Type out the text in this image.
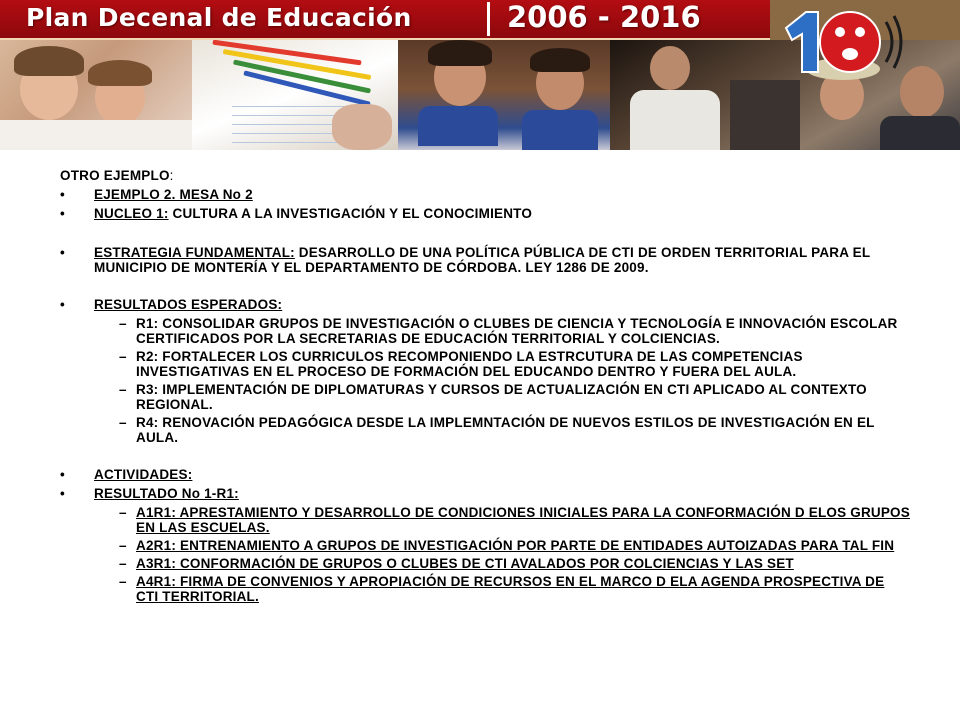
Plan Decenal de Educación	2006 - 2016	10
OTRO EJEMPLO:
• EJEMPLO 2. MESA No 2
• NUCLEO 1: CULTURA A LA INVESTIGACIÓN Y EL CONOCIMIENTO
• ESTRATEGIA FUNDAMENTAL: DESARROLLO DE UNA POLÍTICA PÚBLICA DE CTI DE ORDEN TERRITORIAL PARA EL MUNICIPIO DE MONTERÍA Y EL DEPARTAMENTO DE CÓRDOBA. LEY 1286 DE 2009.
• RESULTADOS ESPERADOS:
– R1: CONSOLIDAR GRUPOS DE INVESTIGACIÓN O CLUBES DE CIENCIA Y TECNOLOGÍA E INNOVACIÓN ESCOLAR CERTIFICADOS POR LA SECRETARIAS DE EDUCACIÓN TERRITORIAL Y COLCIENCIAS.
– R2: FORTALECER LOS CURRICULOS RECOMPONIENDO LA ESTRCUTURA DE LAS COMPETENCIAS INVESTIGATIVAS EN EL PROCESO DE FORMACIÓN DEL EDUCANDO DENTRO Y FUERA DEL AULA.
– R3: IMPLEMENTACIÓN DE DIPLOMATURAS Y CURSOS DE ACTUALIZACIÓN EN CTI APLICADO AL CONTEXTO REGIONAL.
– R4: RENOVACIÓN PEDAGÓGICA DESDE LA IMPLEMNTACIÓN DE NUEVOS ESTILOS DE INVESTIGACIÓN EN EL AULA.
• ACTIVIDADES:
• RESULTADO No 1-R1:
– A1R1: APRESTAMIENTO Y DESARROLLO DE CONDICIONES INICIALES PARA LA CONFORMACIÓN D ELOS GRUPOS EN LAS ESCUELAS.
– A2R1: ENTRENAMIENTO A GRUPOS DE INVESTIGACIÓN POR PARTE DE ENTIDADES AUTOIZADAS PARA TAL FIN
– A3R1: CONFORMACIÓN DE GRUPOS O CLUBES DE CTI AVALADOS POR COLCIENCIAS Y LAS SET
– A4R1: FIRMA DE CONVENIOS Y APROPIACIÓN DE RECURSOS EN EL MARCO D ELA AGENDA PROSPECTIVA DE CTI TERRITORIAL.
